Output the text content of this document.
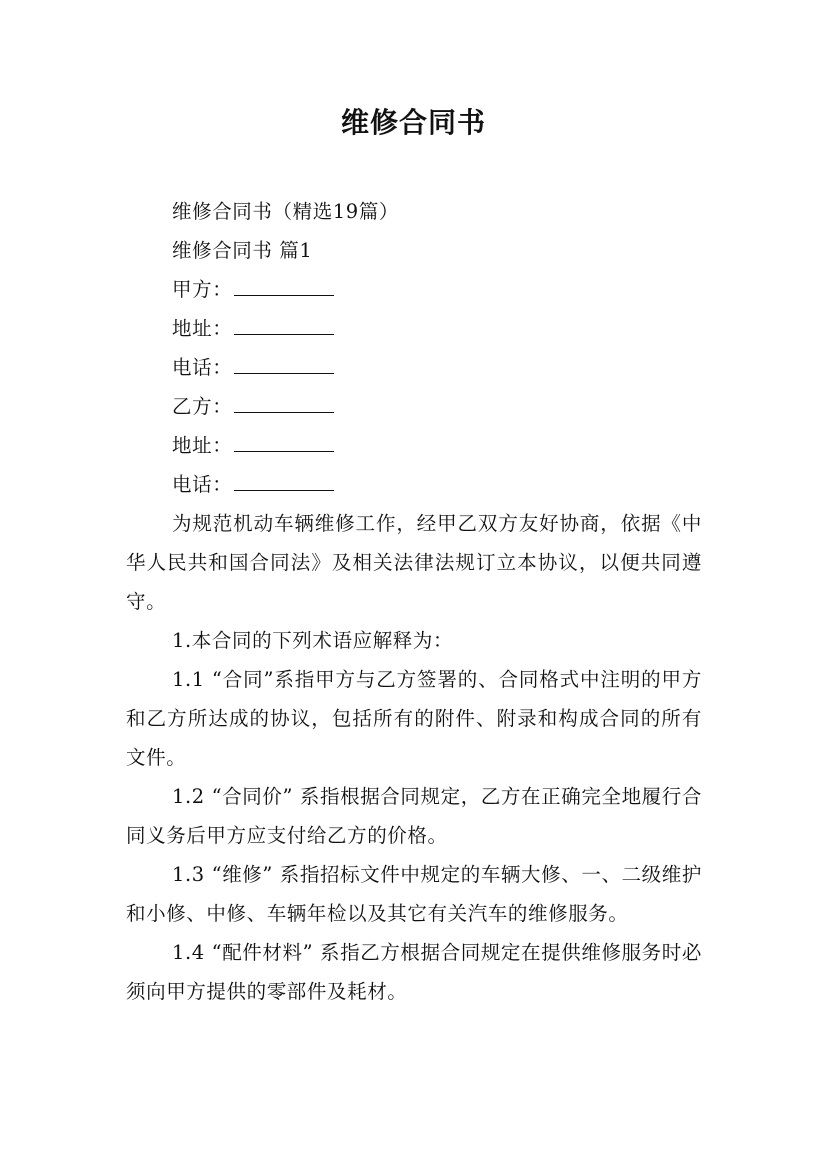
维修合同书

维修合同书（精选19篇）

维修合同书 篇1

甲方：
地址：
电话：
乙方：
地址：
电话：

为规范机动车辆维修工作，经甲乙双方友好协商，依据《中华人民共和国合同法》及相关法律法规订立本协议，以便共同遵守。

1.本合同的下列术语应解释为：

1.1 “合同”系指甲方与乙方签署的、合同格式中注明的甲方和乙方所达成的协议，包括所有的附件、附录和构成合同的所有文件。

1.2 “合同价” 系指根据合同规定，乙方在正确完全地履行合同义务后甲方应支付给乙方的价格。

1.3 “维修” 系指招标文件中规定的车辆大修、一、二级维护和小修、中修、车辆年检以及其它有关汽车的维修服务。

1.4 “配件材料” 系指乙方根据合同规定在提供维修服务时必须向甲方提供的零部件及耗材。
